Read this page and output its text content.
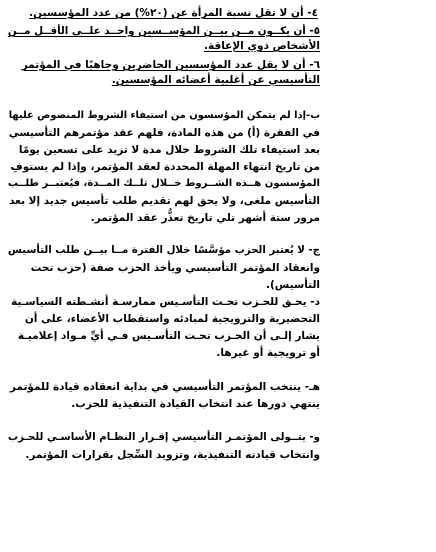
٤- أن لا تقل نسبة المرأة عن (٢٠%) من عدد المؤسسين.
٥- أن يكــون مــن بيــن المؤســسين واحــد علــى الأقــل مــن
الأشخاص ذوي الإعاقة.
٦- أن لا يقل عدد المؤسسين الحاضرين وجاهيًا في المؤتمر
التأسيسي عن أغلبية أعضائه المؤسسين.
ب-إذا لم يتمكن المؤسسون من استيفاء الشروط المنصوص عليها
في الفقرة (أ) من هذه المادة، فلهم عقد مؤتمرهم التأسيسي
بعد استيفاء تلك الشروط خلال مدة لا تزيد على تسعين يومًا
من تاريخ انتهاء المهلة المحددة لعقد المؤتمر، وإذا لم يستوفِ
المؤسسون هــذه الشــروط خــلال تلــك المــدة، فيُعتبــر طلــب
التأسيس ملغى، ولا يحق لهم تقديم طلب تأسيس جديد إلا بعد
مرور ستة أشهر تلي تاريخ تعذُّر عقد المؤتمر.
ج- لا يُعتبر الحزب مؤسَّسًا خلال الفترة مــا بيــن طلب التأسيس
وانعقاد المؤتمر التأسيسي ويأخذ الحزب صفة (حزب تحت
التأسيس).
د- يحـق للحـزب تحـت التأسـيس ممارسـة أنشـطته السياسـية
التحضيرية والترويجية لمبادئه واستقطاب الأعضاء، على أن
يشار إلـى أن الحـزب تحـت التأسـيس فـي أيِّ مـواد إعلاميـة
أو ترويجية أو غيرها.
هـ- ينتخب المؤتمر التأسيسي في بداية انعقاده قيادة للمؤتمر
ينتهي دورها عند انتخاب القيادة التنفيذية للحزب.
و- يتــولى المؤتمـر التأسيسي إقـرار النظـام الأساسـي للحـزب
وانتخاب قيادته التنفيذية، وتزويد السِّجل بقرارات المؤتمر.
